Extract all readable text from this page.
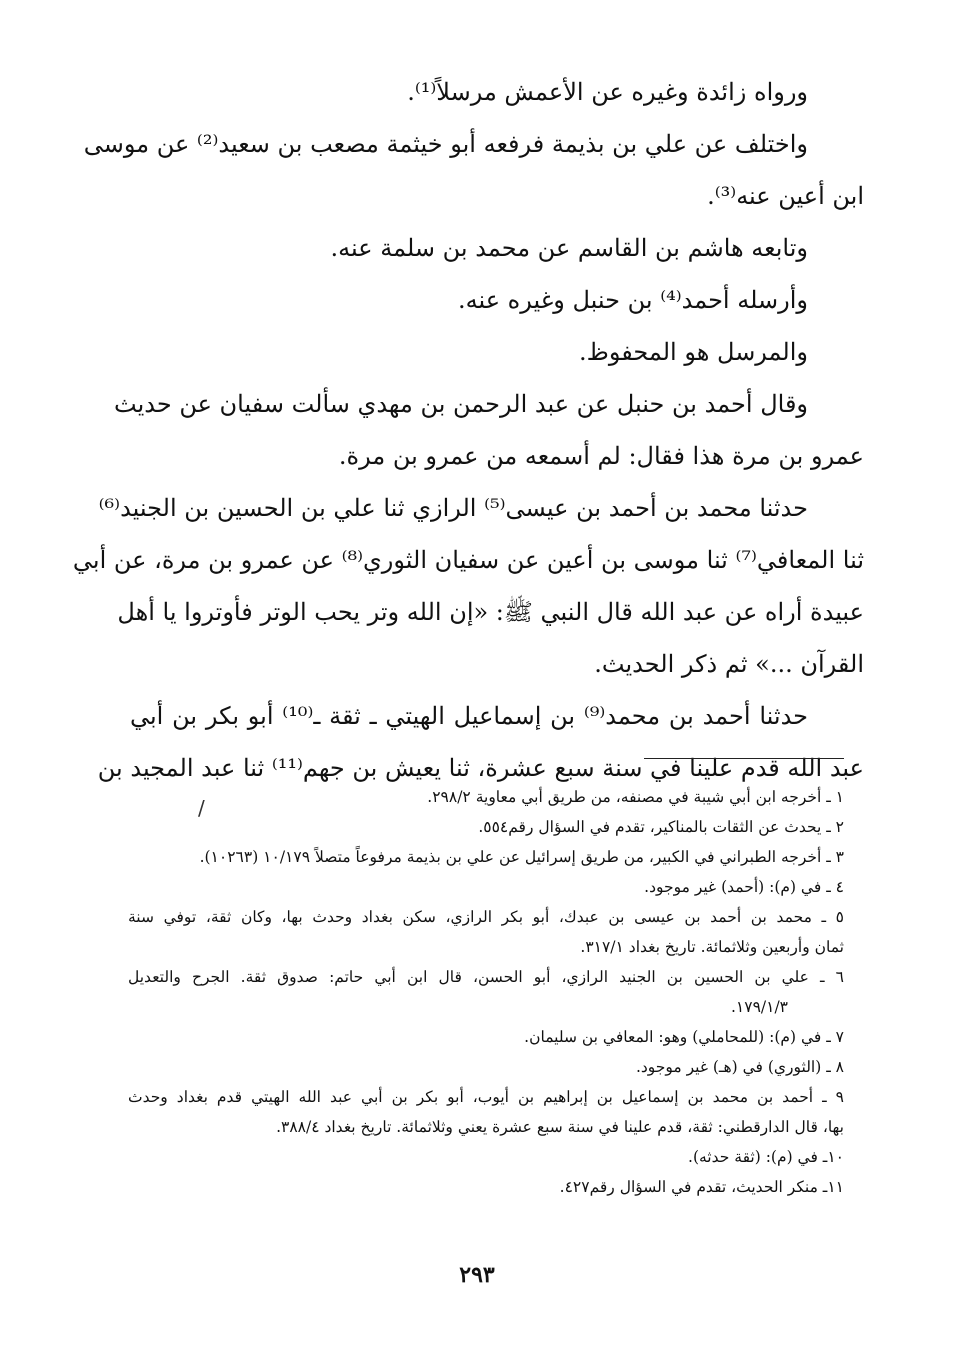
ورواه زائدة وغيره عن الأعمش مرسلاً⁽¹⁾.
واختلف عن علي بن بذيمة فرفعه أبو خيثمة مصعب بن سعيد⁽²⁾ عن موسى
ابن أعين عنه⁽³⁾.
وتابعه هاشم بن القاسم عن محمد بن سلمة عنه.
وأرسله أحمد⁽⁴⁾ بن حنبل وغيره عنه.
والمرسل هو المحفوظ.
وقال أحمد بن حنبل عن عبد الرحمن بن مهدي سألت سفيان عن حديث
عمرو بن مرة هذا فقال: لم أسمعه من عمرو بن مرة.
حدثنا محمد بن أحمد بن عيسى⁽⁵⁾ الرازي ثنا علي بن الحسين بن الجنيد⁽⁶⁾
ثنا المعافي⁽⁷⁾ ثنا موسى بن أعين عن سفيان الثوري⁽⁸⁾ عن عمرو بن مرة، عن أبي
عبيدة أراه عن عبد الله قال النبي ﷺ: «إن الله وتر يحب الوتر فأوتروا يا أهل
القرآن ...» ثم ذكر الحديث.
حدثنا أحمد بن محمد⁽⁹⁾ بن إسماعيل الهيتي ـ ثقة ـ⁽¹⁰⁾ أبو بكر بن أبي
عبد الله قدم علينا في سنة سبع عشرة، ثنا يعيش بن جهم⁽¹¹⁾ ثنا عبد المجيد بن
/	١ ـ أخرجه ابن أبي شيبة في مصنفه، من طريق أبي معاوية ٢٩٨/٢.
٢ ـ يحدث عن الثقات بالمناكير، تقدم في السؤال رقم٥٥٤.
٣ ـ أخرجه الطبراني في الكبير، من طريق إسرائيل عن علي بن بذيمة مرفوعاً متصلاً ١٠/١٧٩ (١٠٢٦٣).
٤ ـ في (م): (أحمد) غير موجود.
٥ ـ محمد بن أحمد بن عيسى بن عبدك، أبو بكر الرازي، سكن بغداد وحدث بها، وكان ثقة، توفي سنة
ثمان وأربعين وثلاثمائة. تاريخ بغداد ٣١٧/١.
٦ ـ علي بن الحسين بن الجنيد الرازي، أبو الحسن، قال ابن أبي حاتم: صدوق ثقة. الجرح والتعديل
١٧٩/١/٣.
٧ ـ في (م): (للمحاملي) وهو: المعافي بن سليمان.
٨ ـ (الثوري) في (هـ) غير موجود.
٩ ـ أحمد بن محمد بن إسماعيل بن إبراهيم بن أيوب، أبو بكر بن أبي عبد الله الهيتي قدم بغداد وحدث
بها، قال الدارقطني: ثقة، قدم علينا في سنة سبع عشرة يعني وثلاثمائة. تاريخ بغداد ٣٨٨/٤.
١٠ـ في (م): (ثقة حدثه).
١١ـ منكر الحديث، تقدم في السؤال رقم٤٢٧.
٢٩٣
